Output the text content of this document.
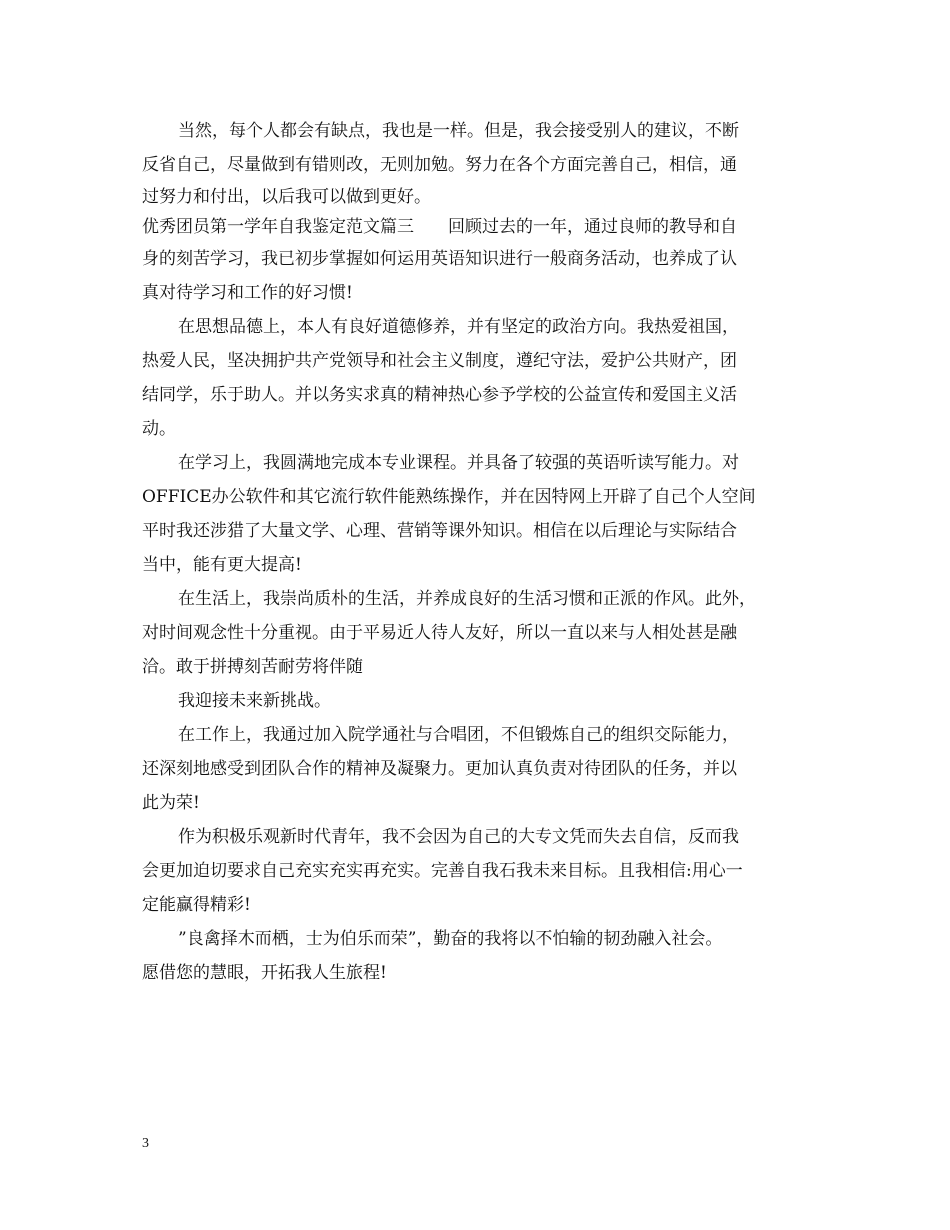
当然，每个人都会有缺点，我也是一样。但是，我会接受别人的建议，不断
反省自己，尽量做到有错则改，无则加勉。努力在各个方面完善自己，相信，通
过努力和付出，以后我可以做到更好。
优秀团员第一学年自我鉴定范文篇三　　回顾过去的一年，通过良师的教导和自
身的刻苦学习，我已初步掌握如何运用英语知识进行一般商务活动，也养成了认
真对待学习和工作的好习惯!
在思想品德上，本人有良好道德修养，并有坚定的政治方向。我热爱祖国，
热爱人民，坚决拥护共产党领导和社会主义制度，遵纪守法，爱护公共财产，团
结同学，乐于助人。并以务实求真的精神热心参予学校的公益宣传和爱国主义活
动。
在学习上，我圆满地完成本专业课程。并具备了较强的英语听读写能力。对
OFFICE办公软件和其它流行软件能熟练操作，并在因特网上开辟了自己个人空间
平时我还涉猎了大量文学、心理、营销等课外知识。相信在以后理论与实际结合
当中，能有更大提高!
在生活上，我崇尚质朴的生活，并养成良好的生活习惯和正派的作风。此外，
对时间观念性十分重视。由于平易近人待人友好，所以一直以来与人相处甚是融
洽。敢于拼搏刻苦耐劳将伴随
我迎接未来新挑战。
在工作上，我通过加入院学通社与合唱团，不但锻炼自己的组织交际能力，
还深刻地感受到团队合作的精神及凝聚力。更加认真负责对待团队的任务，并以
此为荣!
作为积极乐观新时代青年，我不会因为自己的大专文凭而失去自信，反而我
会更加迫切要求自己充实充实再充实。完善自我石我未来目标。且我相信:用心一
定能赢得精彩!
”良禽择木而栖，士为伯乐而荣”，勤奋的我将以不怕输的韧劲融入社会。
愿借您的慧眼，开拓我人生旅程!
3
